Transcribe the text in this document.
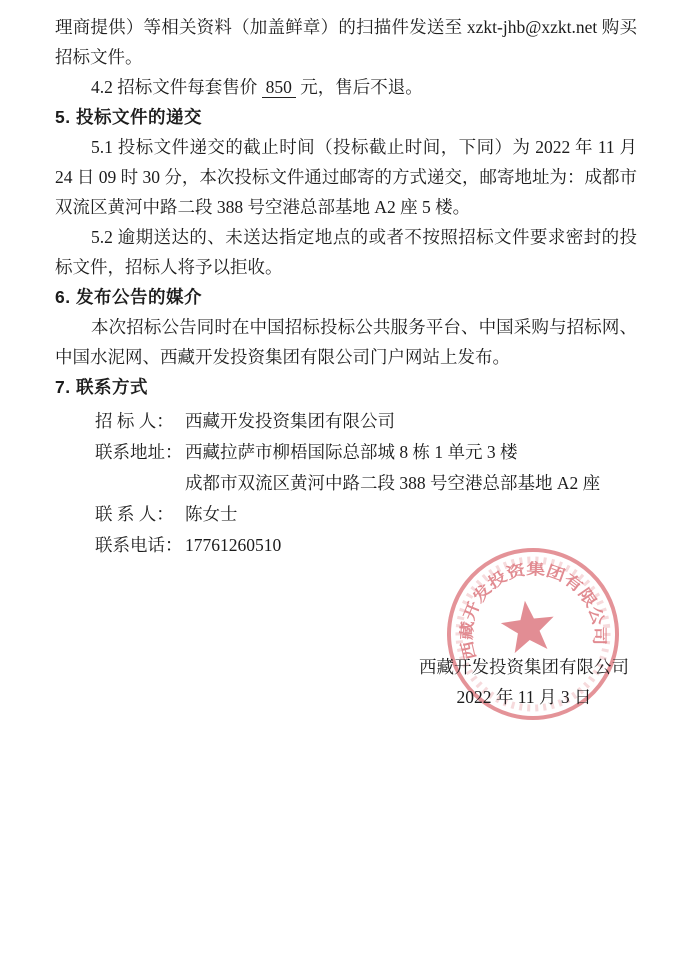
理商提供）等相关资料（加盖鲜章）的扫描件发送至 xzkt-jhb@xzkt.net 购买招标文件。

4.2 招标文件每套售价 850 元，售后不退。

5. 投标文件的递交

5.1 投标文件递交的截止时间（投标截止时间，下同）为 2022 年 11 月 24 日 09 时 30 分，本次投标文件通过邮寄的方式递交，邮寄地址为：成都市双流区黄河中路二段 388 号空港总部基地 A2 座 5 楼。

5.2 逾期送达的、未送达指定地点的或者不按照招标文件要求密封的投标文件，招标人将予以拒收。

6. 发布公告的媒介

本次招标公告同时在中国招标投标公共服务平台、中国采购与招标网、中国水泥网、西藏开发投资集团有限公司门户网站上发布。

7. 联系方式

招 标 人： 西藏开发投资集团有限公司
联系地址： 西藏拉萨市柳梧国际总部城 8 栋 1 单元 3 楼
成都市双流区黄河中路二段 388 号空港总部基地 A2 座
联 系 人： 陈女士
联系电话： 17761260510
西藏开发投资集团有限公司
西藏开发投资集团有限公司
2022 年 11 月 3 日
